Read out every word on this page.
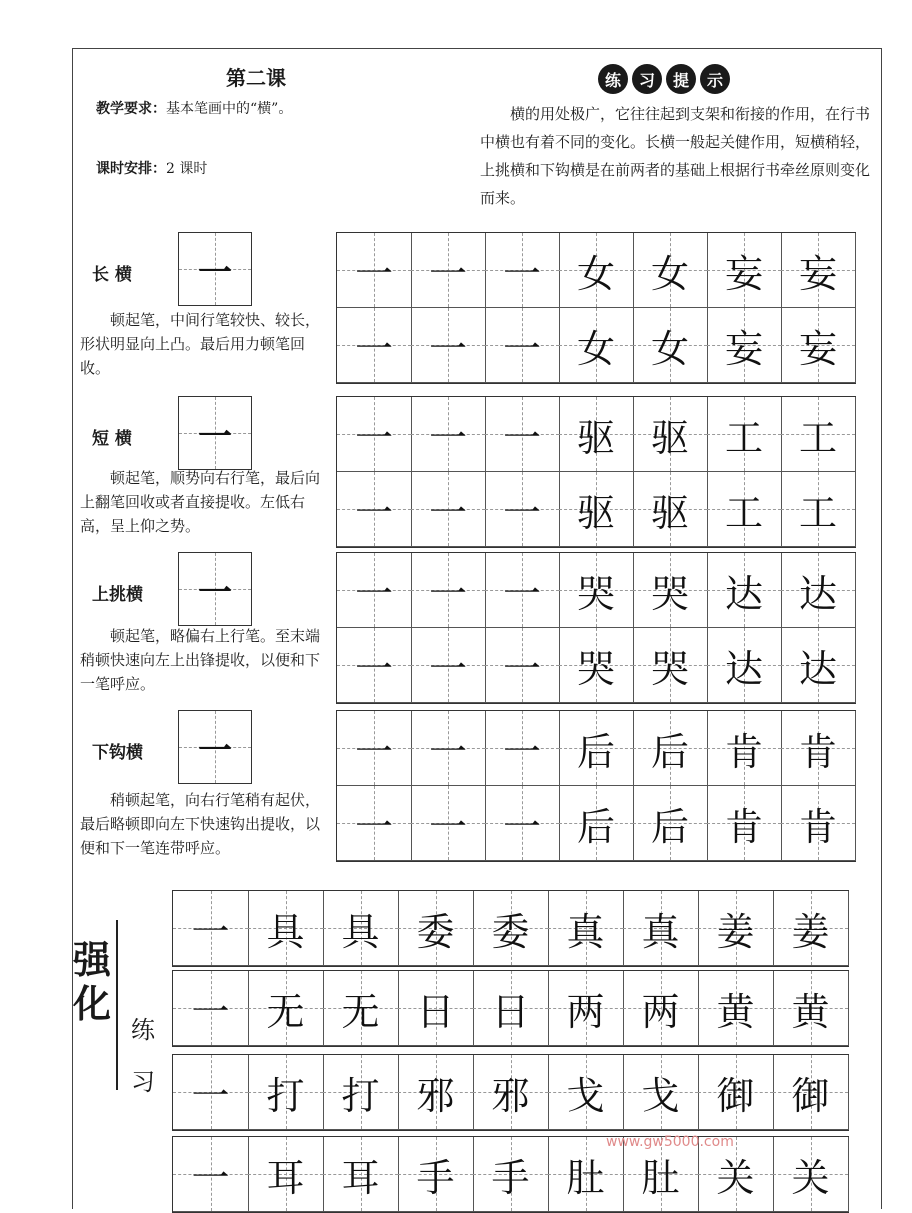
第二课
教学要求：基本笔画中的“横”。
课时安排：2 课时
练	习	提	示
横的用处极广，它往往起到支架和衔接的作用，在行书中横也有着不同的变化。长横一般起关健作用，短横稍轻，上挑横和下钩横是在前两者的基础上根据行书牵丝原则变化而来。
长 横	一
顿起笔，中间行笔较快、较长，形状明显向上凸。最后用力顿笔回收。
一 一 一 女 女 妄 妄
一 一 一 女 女 妄 妄
短 横	一
顿起笔，顺势向右行笔，最后向上翻笔回收或者直接提收。左低右高，呈上仰之势。
一 一 一 驱 驱 工 工
一 一 一 驱 驱 工 工
上挑横	一
顿起笔，略偏右上行笔。至末端稍顿快速向左上出锋提收，以便和下一笔呼应。
一 一 一 哭 哭 达 达
一 一 一 哭 哭 达 达
下钩横	一
稍顿起笔，向右行笔稍有起伏，最后略顿即向左下快速钩出提收，以便和下一笔连带呼应。
一 一 一 后 后 肯 肯
一 一 一 后 后 肯 肯
强
化
练
习
一 具 具 委 委 真 真 姜 姜
一 无 无 日 日 两 两 黄 黄
一 打 打 邪 邪 戈 戈 御 御
一 耳 耳 手 手 肚 肚 关 关
www.gw5000.com
